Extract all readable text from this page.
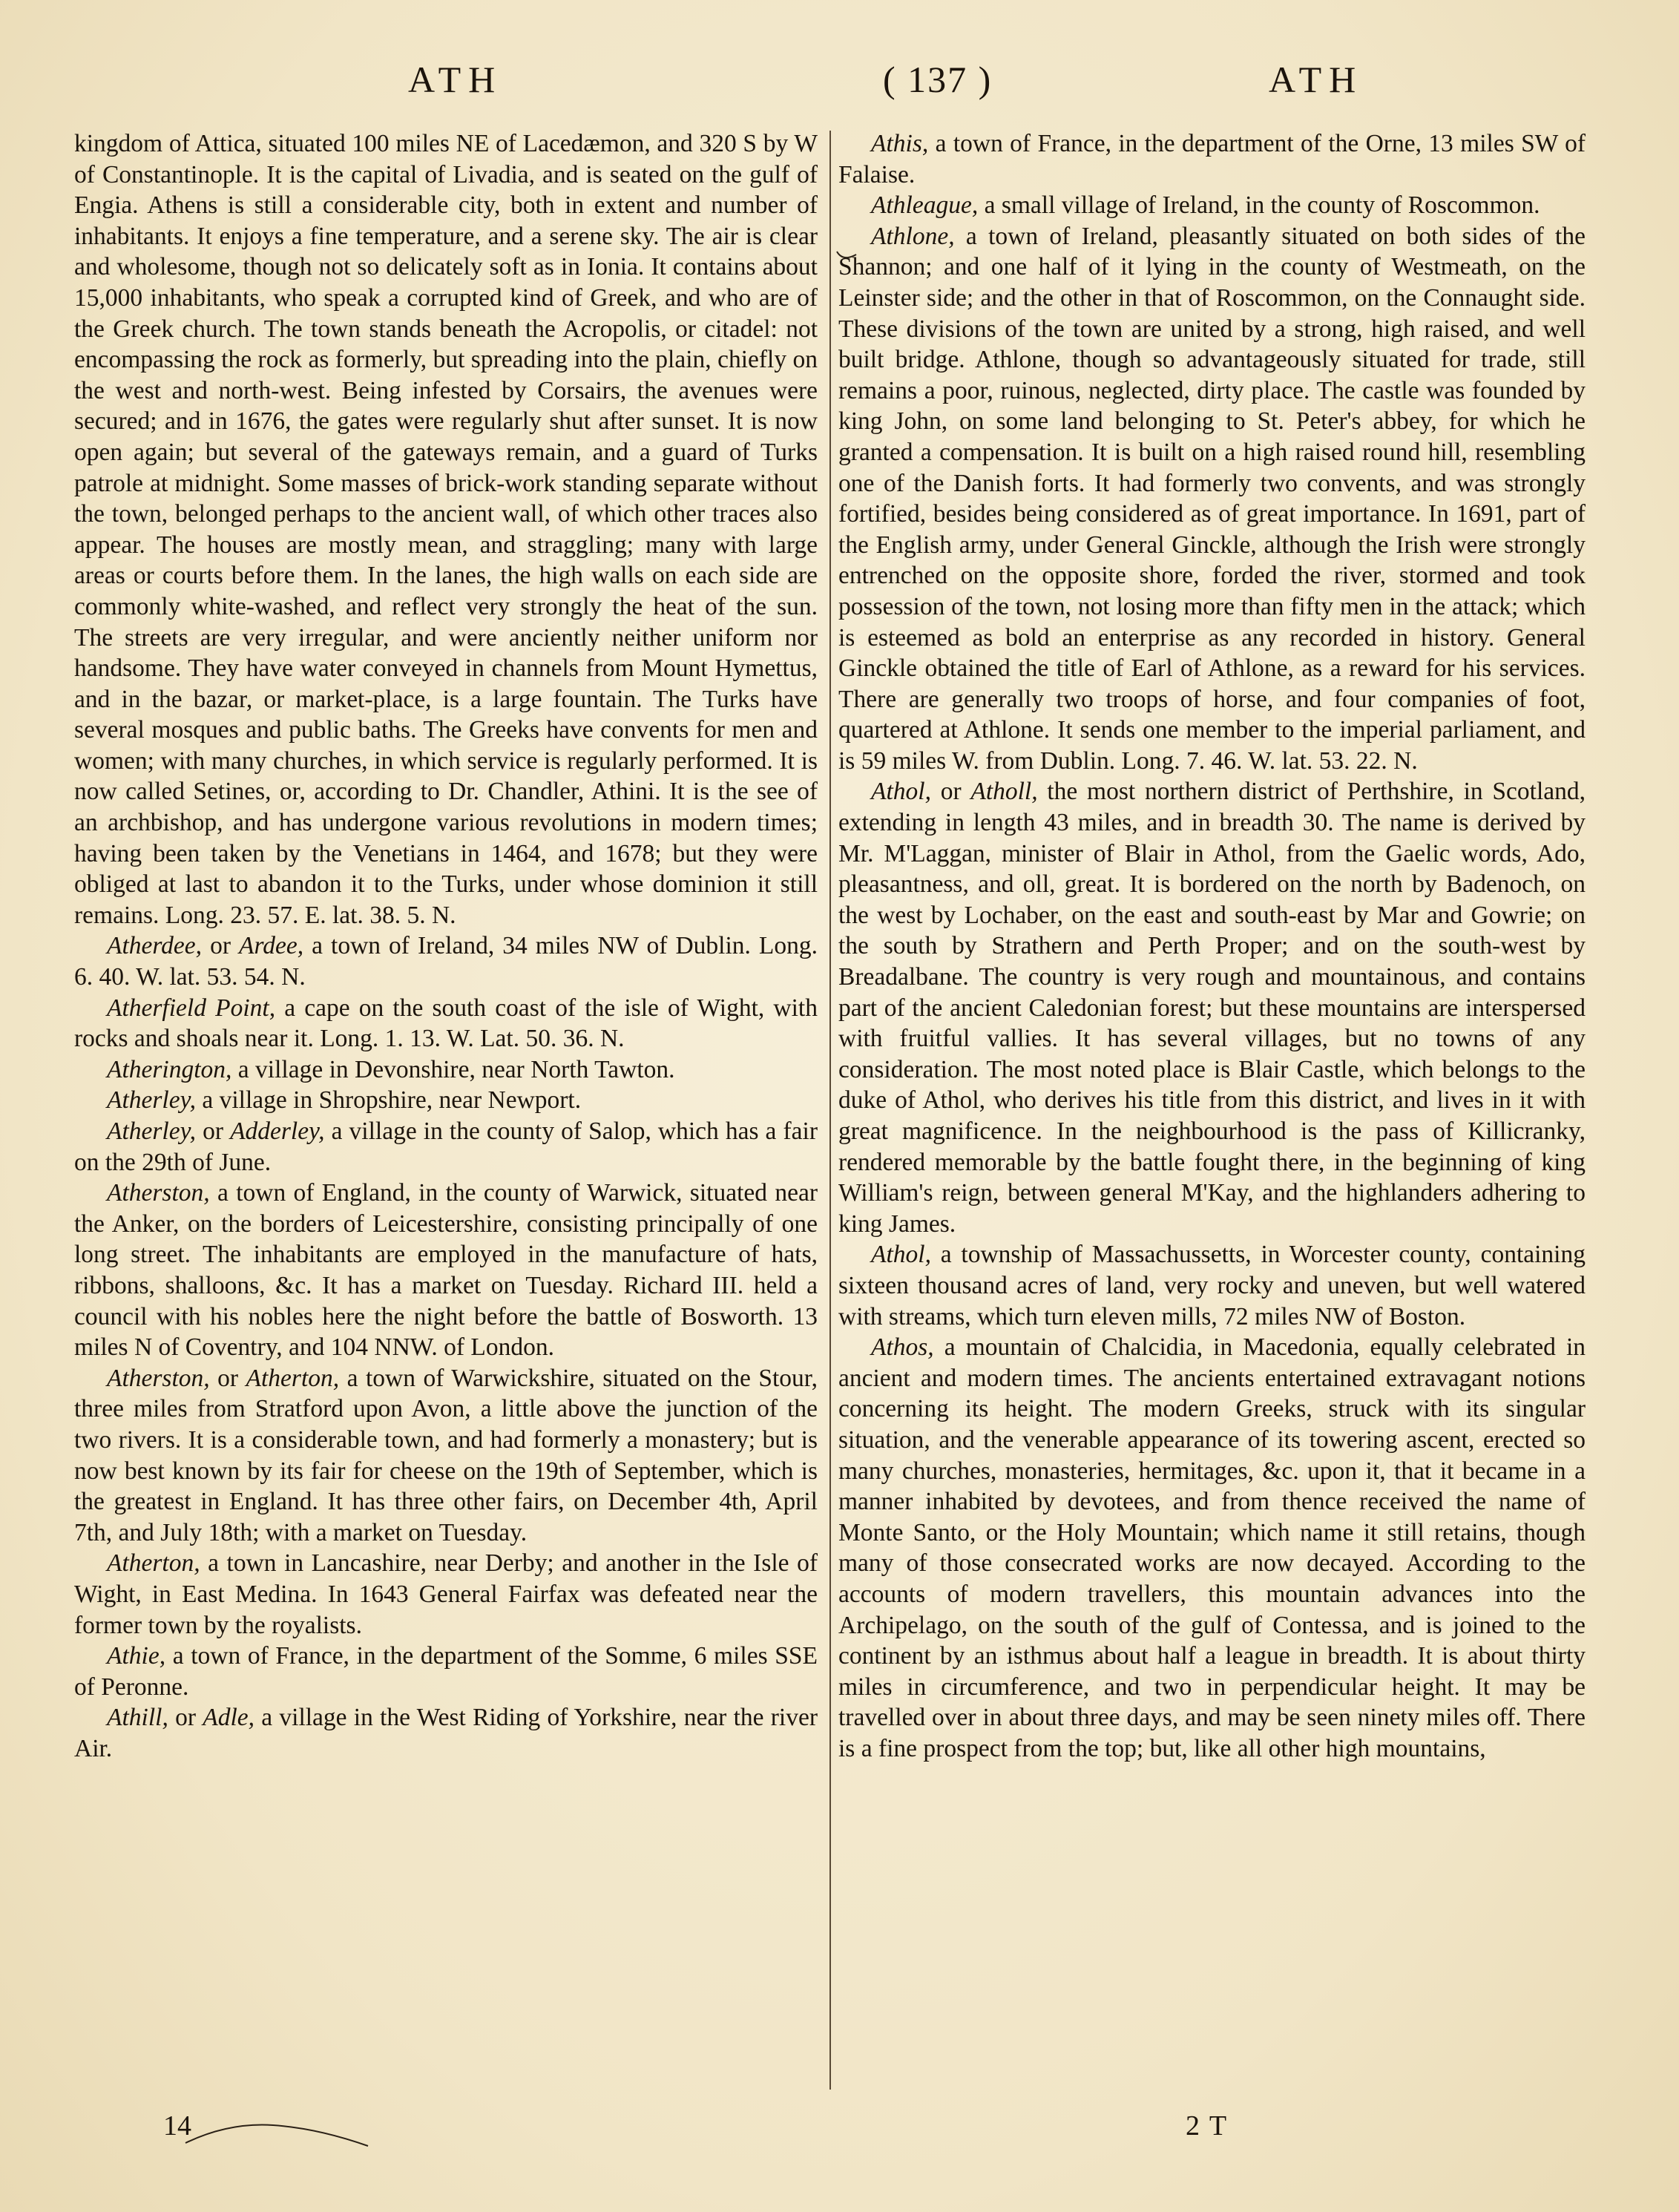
ATH	( 137 )	ATH

kingdom of Attica, situated 100 miles NE of Lacedæmon, and 320 S by W of Constantinople. It is the capital of Livadia, and is seated on the gulf of Engia. Athens is still a considerable city, both in extent and number of inhabitants. It enjoys a fine temperature, and a serene sky. The air is clear and wholesome, though not so delicately soft as in Ionia. It contains about 15,000 inhabitants, who speak a corrupted kind of Greek, and who are of the Greek church. The town stands beneath the Acropolis, or citadel: not encompassing the rock as formerly, but spreading into the plain, chiefly on the west and north-west. Being infested by Corsairs, the avenues were secured; and in 1676, the gates were regularly shut after sunset. It is now open again; but several of the gateways remain, and a guard of Turks patrole at midnight. Some masses of brick-work standing separate without the town, belonged perhaps to the ancient wall, of which other traces also appear. The houses are mostly mean, and straggling; many with large areas or courts before them. In the lanes, the high walls on each side are commonly white-washed, and reflect very strongly the heat of the sun. The streets are very irregular, and were anciently neither uniform nor handsome. They have water conveyed in channels from Mount Hymettus, and in the bazar, or market-place, is a large fountain. The Turks have several mosques and public baths. The Greeks have convents for men and women; with many churches, in which service is regularly performed. It is now called Setines, or, according to Dr. Chandler, Athini. It is the see of an archbishop, and has undergone various revolutions in modern times; having been taken by the Venetians in 1464, and 1678; but they were obliged at last to abandon it to the Turks, under whose dominion it still remains. Long. 23. 57. E. lat. 38. 5. N.

Atherdee, or Ardee, a town of Ireland, 34 miles NW of Dublin. Long. 6. 40. W. lat. 53. 54. N.

Atherfield Point, a cape on the south coast of the isle of Wight, with rocks and shoals near it. Long. 1. 13. W. Lat. 50. 36. N.

Atherington, a village in Devonshire, near North Tawton.

Atherley, a village in Shropshire, near Newport.

Atherley, or Adderley, a village in the county of Salop, which has a fair on the 29th of June.

Atherston, a town of England, in the county of Warwick, situated near the Anker, on the borders of Leicestershire, consisting principally of one long street. The inhabitants are employed in the manufacture of hats, ribbons, shalloons, &c. It has a market on Tuesday. Richard III. held a council with his nobles here the night before the battle of Bosworth. 13 miles N of Coventry, and 104 NNW. of London.

Atherston, or Atherton, a town of Warwickshire, situated on the Stour, three miles from Stratford upon Avon, a little above the junction of the two rivers. It is a considerable town, and had formerly a monastery; but is now best known by its fair for cheese on the 19th of September, which is the greatest in England. It has three other fairs, on December 4th, April 7th, and July 18th; with a market on Tuesday.

Atherton, a town in Lancashire, near Derby; and another in the Isle of Wight, in East Medina. In 1643 General Fairfax was defeated near the former town by the royalists.

Athie, a town of France, in the department of the Somme, 6 miles SSE of Peronne.

Athill, or Adle, a village in the West Riding of Yorkshire, near the river Air.

Athis, a town of France, in the department of the Orne, 13 miles SW of Falaise.

Athleague, a small village of Ireland, in the county of Roscommon.

Athlone, a town of Ireland, pleasantly situated on both sides of the Shannon; and one half of it lying in the county of Westmeath, on the Leinster side; and the other in that of Roscommon, on the Connaught side. These divisions of the town are united by a strong, high raised, and well built bridge. Athlone, though so advantageously situated for trade, still remains a poor, ruinous, neglected, dirty place. The castle was founded by king John, on some land belonging to St. Peter's abbey, for which he granted a compensation. It is built on a high raised round hill, resembling one of the Danish forts. It had formerly two convents, and was strongly fortified, besides being considered as of great importance. In 1691, part of the English army, under General Ginckle, although the Irish were strongly entrenched on the opposite shore, forded the river, stormed and took possession of the town, not losing more than fifty men in the attack; which is esteemed as bold an enterprise as any recorded in history. General Ginckle obtained the title of Earl of Athlone, as a reward for his services. There are generally two troops of horse, and four companies of foot, quartered at Athlone. It sends one member to the imperial parliament, and is 59 miles W. from Dublin. Long. 7. 46. W. lat. 53. 22. N.

Athol, or Atholl, the most northern district of Perthshire, in Scotland, extending in length 43 miles, and in breadth 30. The name is derived by Mr. M'Laggan, minister of Blair in Athol, from the Gaelic words, Ado, pleasantness, and oll, great. It is bordered on the north by Badenoch, on the west by Lochaber, on the east and south-east by Mar and Gowrie; on the south by Strathern and Perth Proper; and on the south-west by Breadalbane. The country is very rough and mountainous, and contains part of the ancient Caledonian forest; but these mountains are interspersed with fruitful vallies. It has several villages, but no towns of any consideration. The most noted place is Blair Castle, which belongs to the duke of Athol, who derives his title from this district, and lives in it with great magnificence. In the neighbourhood is the pass of Killicranky, rendered memorable by the battle fought there, in the beginning of king William's reign, between general M'Kay, and the highlanders adhering to king James.

Athol, a township of Massachussetts, in Worcester county, containing sixteen thousand acres of land, very rocky and uneven, but well watered with streams, which turn eleven mills, 72 miles NW of Boston.

Athos, a mountain of Chalcidia, in Macedonia, equally celebrated in ancient and modern times. The ancients entertained extravagant notions concerning its height. The modern Greeks, struck with its singular situation, and the venerable appearance of its towering ascent, erected so many churches, monasteries, hermitages, &c. upon it, that it became in a manner inhabited by devotees, and from thence received the name of Monte Santo, or the Holy Mountain; which name it still retains, though many of those consecrated works are now decayed. According to the accounts of modern travellers, this mountain advances into the Archipelago, on the south of the gulf of Contessa, and is joined to the continent by an isthmus about half a league in breadth. It is about thirty miles in circumference, and two in perpendicular height. It may be travelled over in about three days, and may be seen ninety miles off. There is a fine prospect from the top; but, like all other high mountains,

14	2 T
